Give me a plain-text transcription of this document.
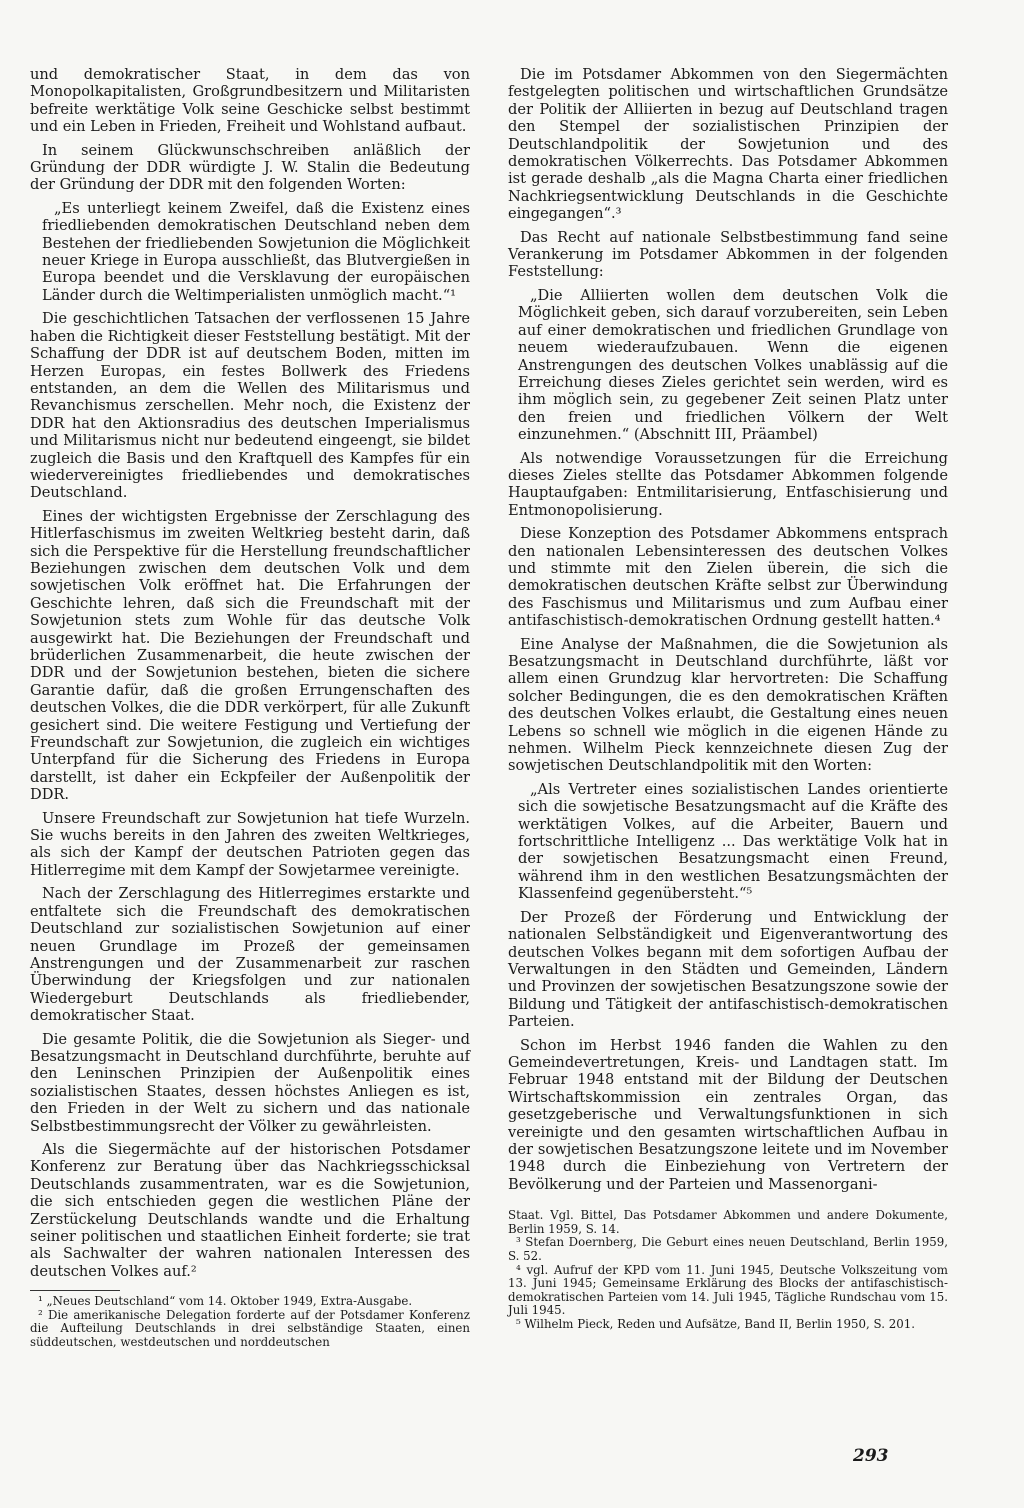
und demokratischer Staat, in dem das von Monopolkapitalisten, Großgrundbesitzern und Militaristen befreite werktätige Volk seine Geschicke selbst bestimmt und ein Leben in Frieden, Freiheit und Wohlstand aufbaut.

In seinem Glückwunschschreiben anläßlich der Gründung der DDR würdigte J. W. Stalin die Bedeutung der Gründung der DDR mit den folgenden Worten:

„Es unterliegt keinem Zweifel, daß die Existenz eines friedliebenden demokratischen Deutschland neben dem Bestehen der friedliebenden Sowjetunion die Möglichkeit neuer Kriege in Europa ausschließt, das Blutvergießen in Europa beendet und die Versklavung der europäischen Länder durch die Weltimperialisten unmöglich macht.“¹

Die geschichtlichen Tatsachen der verflossenen 15 Jahre haben die Richtigkeit dieser Feststellung bestätigt. Mit der Schaffung der DDR ist auf deutschem Boden, mitten im Herzen Europas, ein festes Bollwerk des Friedens entstanden, an dem die Wellen des Militarismus und Revanchismus zerschellen. Mehr noch, die Existenz der DDR hat den Aktionsradius des deutschen Imperialismus und Militarismus nicht nur bedeutend eingeengt, sie bildet zugleich die Basis und den Kraftquell des Kampfes für ein wiedervereinigtes friedliebendes und demokratisches Deutschland.

Eines der wichtigsten Ergebnisse der Zerschlagung des Hitlerfaschismus im zweiten Weltkrieg besteht darin, daß sich die Perspektive für die Herstellung freundschaftlicher Beziehungen zwischen dem deutschen Volk und dem sowjetischen Volk eröffnet hat. Die Erfahrungen der Geschichte lehren, daß sich die Freundschaft mit der Sowjetunion stets zum Wohle für das deutsche Volk ausgewirkt hat. Die Beziehungen der Freundschaft und brüderlichen Zusammenarbeit, die heute zwischen der DDR und der Sowjetunion bestehen, bieten die sichere Garantie dafür, daß die großen Errungenschaften des deutschen Volkes, die die DDR verkörpert, für alle Zukunft gesichert sind. Die weitere Festigung und Vertiefung der Freundschaft zur Sowjetunion, die zugleich ein wichtiges Unterpfand für die Sicherung des Friedens in Europa darstellt, ist daher ein Eckpfeiler der Außenpolitik der DDR.

Unsere Freundschaft zur Sowjetunion hat tiefe Wurzeln. Sie wuchs bereits in den Jahren des zweiten Weltkrieges, als sich der Kampf der deutschen Patrioten gegen das Hitlerregime mit dem Kampf der Sowjetarmee vereinigte.

Nach der Zerschlagung des Hitlerregimes erstarkte und entfaltete sich die Freundschaft des demokratischen Deutschland zur sozialistischen Sowjetunion auf einer neuen Grundlage im Prozeß der gemeinsamen Anstrengungen und der Zusammenarbeit zur raschen Überwindung der Kriegsfolgen und zur nationalen Wiedergeburt Deutschlands als friedliebender, demokratischer Staat.

Die gesamte Politik, die die Sowjetunion als Sieger- und Besatzungsmacht in Deutschland durchführte, beruhte auf den Leninschen Prinzipien der Außenpolitik eines sozialistischen Staates, dessen höchstes Anliegen es ist, den Frieden in der Welt zu sichern und das nationale Selbstbestimmungsrecht der Völker zu gewährleisten.

Als die Siegermächte auf der historischen Potsdamer Konferenz zur Beratung über das Nachkriegsschicksal Deutschlands zusammentraten, war es die Sowjetunion, die sich entschieden gegen die westlichen Pläne der Zerstückelung Deutschlands wandte und die Erhaltung seiner politischen und staatlichen Einheit forderte; sie trat als Sachwalter der wahren nationalen Interessen des deutschen Volkes auf.²

¹ „Neues Deutschland“ vom 14. Oktober 1949, Extra-Ausgabe.

² Die amerikanische Delegation forderte auf der Potsdamer Konferenz die Aufteilung Deutschlands in drei selbständige Staaten, einen süddeutschen, westdeutschen und norddeutschen

Die im Potsdamer Abkommen von den Siegermächten festgelegten politischen und wirtschaftlichen Grundsätze der Politik der Alliierten in bezug auf Deutschland tragen den Stempel der sozialistischen Prinzipien der Deutschlandpolitik der Sowjetunion und des demokratischen Völkerrechts. Das Potsdamer Abkommen ist gerade deshalb „als die Magna Charta einer friedlichen Nachkriegsentwicklung Deutschlands in die Geschichte eingegangen“.³

Das Recht auf nationale Selbstbestimmung fand seine Verankerung im Potsdamer Abkommen in der folgenden Feststellung:

„Die Alliierten wollen dem deutschen Volk die Möglichkeit geben, sich darauf vorzubereiten, sein Leben auf einer demokratischen und friedlichen Grundlage von neuem wiederaufzubauen. Wenn die eigenen Anstrengungen des deutschen Volkes unablässig auf die Erreichung dieses Zieles gerichtet sein werden, wird es ihm möglich sein, zu gegebener Zeit seinen Platz unter den freien und friedlichen Völkern der Welt einzunehmen.“ (Abschnitt III, Präambel)

Als notwendige Voraussetzungen für die Erreichung dieses Zieles stellte das Potsdamer Abkommen folgende Hauptaufgaben: Entmilitarisierung, Entfaschisierung und Entmonopolisierung.

Diese Konzeption des Potsdamer Abkommens entsprach den nationalen Lebensinteressen des deutschen Volkes und stimmte mit den Zielen überein, die sich die demokratischen deutschen Kräfte selbst zur Überwindung des Faschismus und Militarismus und zum Aufbau einer antifaschistisch-demokratischen Ordnung gestellt hatten.⁴

Eine Analyse der Maßnahmen, die die Sowjetunion als Besatzungsmacht in Deutschland durchführte, läßt vor allem einen Grundzug klar hervortreten: Die Schaffung solcher Bedingungen, die es den demokratischen Kräften des deutschen Volkes erlaubt, die Gestaltung eines neuen Lebens so schnell wie möglich in die eigenen Hände zu nehmen. Wilhelm Pieck kennzeichnete diesen Zug der sowjetischen Deutschlandpolitik mit den Worten:

„Als Vertreter eines sozialistischen Landes orientierte sich die sowjetische Besatzungsmacht auf die Kräfte des werktätigen Volkes, auf die Arbeiter, Bauern und fortschrittliche Intelligenz ... Das werktätige Volk hat in der sowjetischen Besatzungsmacht einen Freund, während ihm in den westlichen Besatzungsmächten der Klassenfeind gegenübersteht.“⁵

Der Prozeß der Förderung und Entwicklung der nationalen Selbständigkeit und Eigenverantwortung des deutschen Volkes begann mit dem sofortigen Aufbau der Verwaltungen in den Städten und Gemeinden, Ländern und Provinzen der sowjetischen Besatzungszone sowie der Bildung und Tätigkeit der antifaschistisch-demokratischen Parteien.

Schon im Herbst 1946 fanden die Wahlen zu den Gemeindevertretungen, Kreis- und Landtagen statt. Im Februar 1948 entstand mit der Bildung der Deutschen Wirtschaftskommission ein zentrales Organ, das gesetzgeberische und Verwaltungsfunktionen in sich vereinigte und den gesamten wirtschaftlichen Aufbau in der sowjetischen Besatzungszone leitete und im November 1948 durch die Einbeziehung von Vertretern der Bevölkerung und der Parteien und Massenorgani-

Staat. Vgl. Bittel, Das Potsdamer Abkommen und andere Dokumente, Berlin 1959, S. 14.

³ Stefan Doernberg, Die Geburt eines neuen Deutschland, Berlin 1959, S. 52.

⁴ vgl. Aufruf der KPD vom 11. Juni 1945, Deutsche Volkszeitung vom 13. Juni 1945; Gemeinsame Erklärung des Blocks der antifaschistisch-demokratischen Parteien vom 14. Juli 1945, Tägliche Rundschau vom 15. Juli 1945.

⁵ Wilhelm Pieck, Reden und Aufsätze, Band II, Berlin 1950, S. 201.

293
